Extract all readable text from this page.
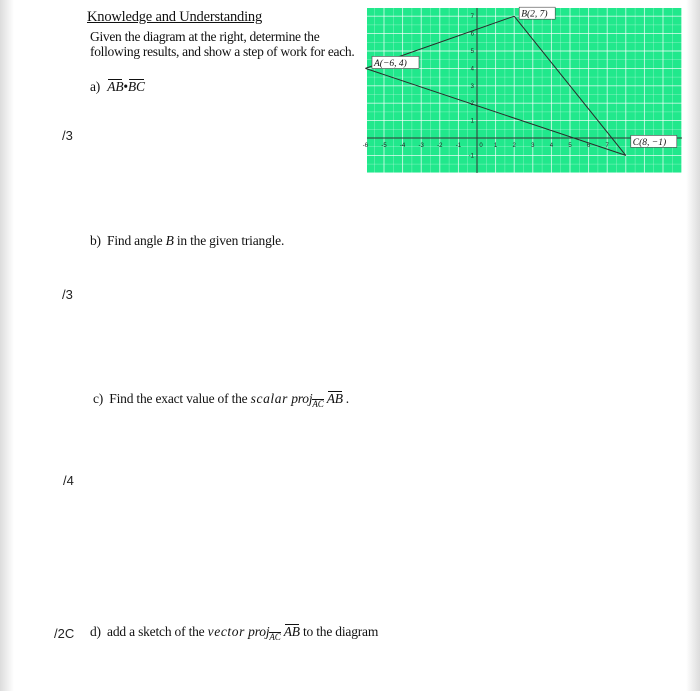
Knowledge and Understanding
Given the diagram at the right, determine the
following results, and show a step of work for each.
a) AB•BC
/3
b) Find angle B in the given triangle.
/3
c) Find the exact value of the scalar projAC AB .
/4
/2C d) add a sketch of the vector projAC AB to the diagram
-6 -5 -4 -3 -2 -1	0 1	2	3	4	5	6	7
7
6
5
4
3
1
-1
A(−6, 4)
B(2, 7)
C(8, −1)
